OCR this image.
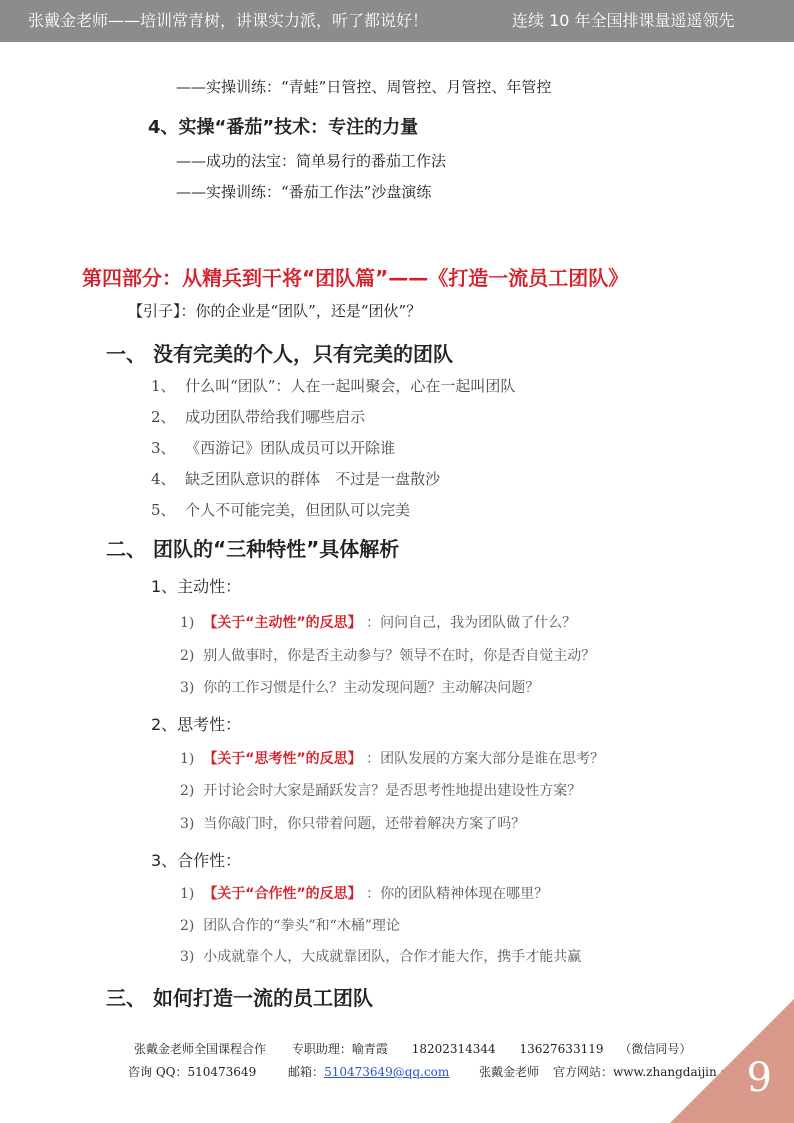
张戴金老师——培训常青树，讲课实力派，听了都说好！	连续 10 年全国排课量遥遥领先
——实操训练：“青蛙”日管控、周管控、月管控、年管控
4、实操“番茄”技术：专注的力量
——成功的法宝：简单易行的番茄工作法
——实操训练：“番茄工作法”沙盘演练
第四部分：从精兵到干将“团队篇”——《打造一流员工团队》
【引子】：你的企业是“团队”，还是“团伙”？
一、 没有完美的个人，只有完美的团队
1、 什么叫“团队”：人在一起叫聚会，心在一起叫团队
2、 成功团队带给我们哪些启示
3、 《西游记》团队成员可以开除谁
4、 缺乏团队意识的群体　不过是一盘散沙
5、 个人不可能完美，但团队可以完美
二、 团队的“三种特性”具体解析
1、主动性：
1) 【关于“主动性”的反思】 ：问问自己，我为团队做了什么？
2) 别人做事时，你是否主动参与？领导不在时，你是否自觉主动？
3) 你的工作习惯是什么？主动发现问题？主动解决问题？
2、思考性：
1) 【关于“思考性”的反思】 ：团队发展的方案大部分是谁在思考？
2) 开讨论会时大家是踊跃发言？是否思考性地提出建设性方案？
3) 当你敲门时，你只带着问题，还带着解决方案了吗？
3、合作性：
1) 【关于“合作性”的反思】 ：你的团队精神体现在哪里？
2) 团队合作的“拳头”和“木桶”理论
3) 小成就靠个人，大成就靠团队，合作才能大作，携手才能共赢
三、 如何打造一流的员工团队
张戴金老师全国课程合作 专职助理：喻青霞 18202314344 13627633119 （微信同号）
咨询 QQ：510473649	邮箱：510473649@qq.com 张戴金老师 官方网站：www.zhangdaijin.com 9
